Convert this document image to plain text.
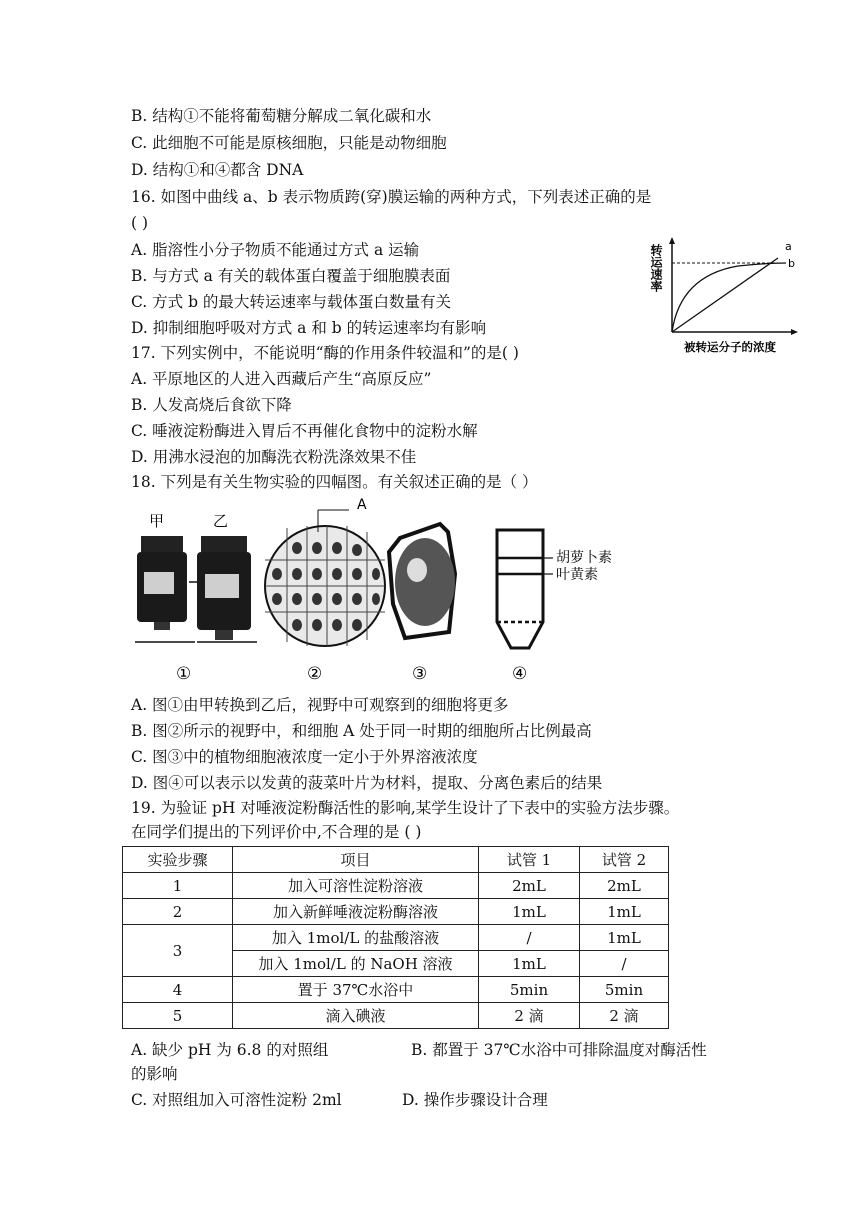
B. 结构①不能将葡萄糖分解成二氧化碳和水
C. 此细胞不可能是原核细胞，只能是动物细胞
D. 结构①和④都含 DNA
16. 如图中曲线 a、b 表示物质跨(穿)膜运输的两种方式，下列表述正确的是
( )
A. 脂溶性小分子物质不能通过方式 a 运输
B. 与方式 a 有关的载体蛋白覆盖于细胞膜表面
C. 方式 b 的最大转运速率与载体蛋白数量有关
D. 抑制细胞呼吸对方式 a 和 b 的转运速率均有影响
17. 下列实例中，不能说明“酶的作用条件较温和”的是( )
A. 平原地区的人进入西藏后产生“高原反应”
B. 人发高烧后食欲下降
C. 唾液淀粉酶进入胃后不再催化食物中的淀粉水解
D. 用沸水浸泡的加酶洗衣粉洗涤效果不佳
18. 下列是有关生物实验的四幅图。有关叙述正确的是（ ）
转运速率	a
b
被转运分子的浓度
甲	乙
①
A
②	③
胡萝卜素
叶黄素
④
A. 图①由甲转换到乙后，视野中可观察到的细胞将更多
B. 图②所示的视野中，和细胞 A 处于同一时期的细胞所占比例最高
C. 图③中的植物细胞液浓度一定小于外界溶液浓度
D. 图④可以表示以发黄的菠菜叶片为材料，提取、分离色素后的结果
19. 为验证 pH 对唾液淀粉酶活性的影响,某学生设计了下表中的实验方法步骤。
在同学们提出的下列评价中,不合理的是 ( )
实验步骤	项目	试管 1	试管 2
1	加入可溶性淀粉溶液	2mL	2mL
2	加入新鲜唾液淀粉酶溶液	1mL	1mL
3	加入 1mol/L 的盐酸溶液	/	1mL
	加入 1mol/L 的 NaOH 溶液	1mL	/
4	置于 37℃水浴中	5min	5min
5	滴入碘液	2 滴	2 滴
A. 缺少 pH 为 6.8 的对照组	B. 都置于 37℃水浴中可排除温度对酶活性
的影响
C. 对照组加入可溶性淀粉 2ml	D. 操作步骤设计合理
